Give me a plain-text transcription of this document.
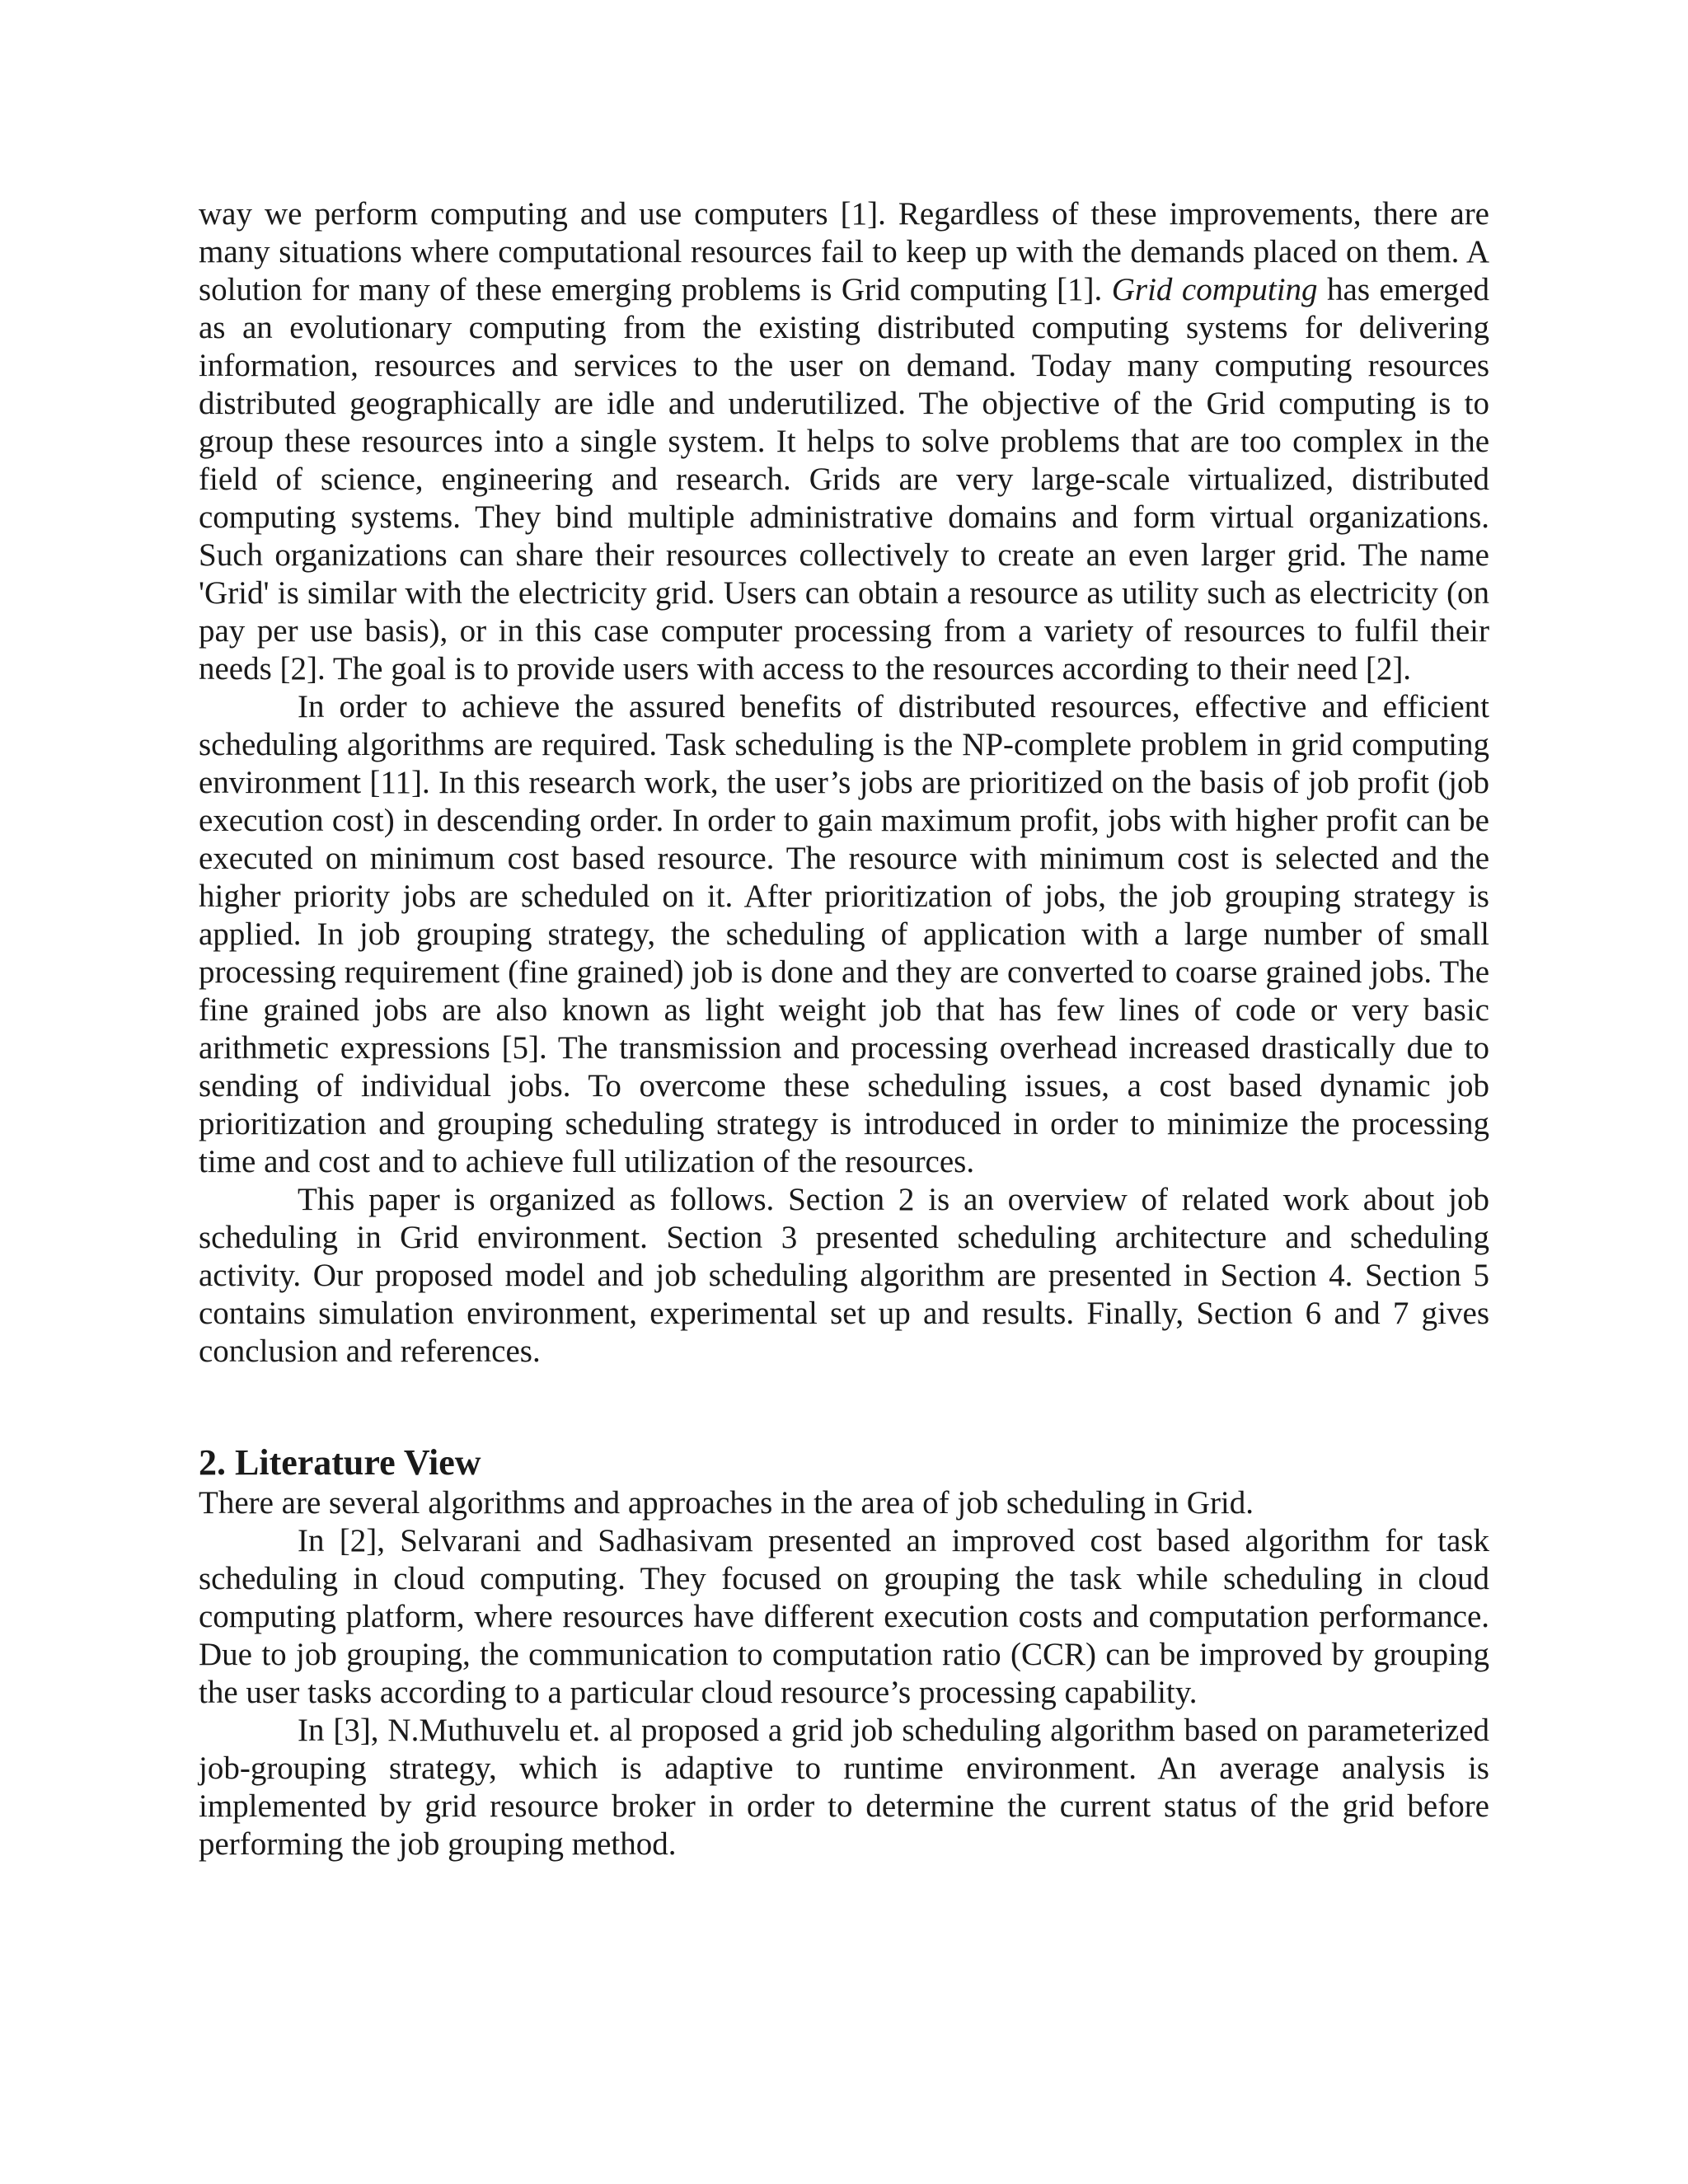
way we perform computing and use computers [1]. Regardless of these improvements, there are many situations where computational resources fail to keep up with the demands placed on them. A solution for many of these emerging problems is Grid computing [1]. Grid computing has emerged as an evolutionary computing from the existing distributed computing systems for delivering information, resources and services to the user on demand. Today many computing resources distributed geographically are idle and underutilized. The objective of the Grid computing is to group these resources into a single system. It helps to solve problems that are too complex in the field of science, engineering and research. Grids are very large-scale virtualized, distributed computing systems. They bind multiple administrative domains and form virtual organizations. Such organizations can share their resources collectively to create an even larger grid. The name 'Grid' is similar with the electricity grid. Users can obtain a resource as utility such as electricity (on pay per use basis), or in this case computer processing from a variety of resources to fulfil their needs [2]. The goal is to provide users with access to the resources according to their need [2].

In order to achieve the assured benefits of distributed resources, effective and efficient scheduling algorithms are required. Task scheduling is the NP-complete problem in grid computing environment [11]. In this research work, the user’s jobs are prioritized on the basis of job profit (job execution cost) in descending order. In order to gain maximum profit, jobs with higher profit can be executed on minimum cost based resource. The resource with minimum cost is selected and the higher priority jobs are scheduled on it. After prioritization of jobs, the job grouping strategy is applied. In job grouping strategy, the scheduling of application with a large number of small processing requirement (fine grained) job is done and they are converted to coarse grained jobs. The fine grained jobs are also known as light weight job that has few lines of code or very basic arithmetic expressions [5]. The transmission and processing overhead increased drastically due to sending of individual jobs. To overcome these scheduling issues, a cost based dynamic job prioritization and grouping scheduling strategy is introduced in order to minimize the processing time and cost and to achieve full utilization of the resources.

This paper is organized as follows. Section 2 is an overview of related work about job scheduling in Grid environment. Section 3 presented scheduling architecture and scheduling activity. Our proposed model and job scheduling algorithm are presented in Section 4. Section 5 contains simulation environment, experimental set up and results. Finally, Section 6 and 7 gives conclusion and references.

2. Literature View

There are several algorithms and approaches in the area of job scheduling in Grid.

In [2], Selvarani and Sadhasivam presented an improved cost based algorithm for task scheduling in cloud computing. They focused on grouping the task while scheduling in cloud computing platform, where resources have different execution costs and computation performance. Due to job grouping, the communication to computation ratio (CCR) can be improved by grouping the user tasks according to a particular cloud resource’s processing capability.

In [3], N.Muthuvelu et. al proposed a grid job scheduling algorithm based on parameterized job-grouping strategy, which is adaptive to runtime environment. An average analysis is implemented by grid resource broker in order to determine the current status of the grid before performing the job grouping method.
